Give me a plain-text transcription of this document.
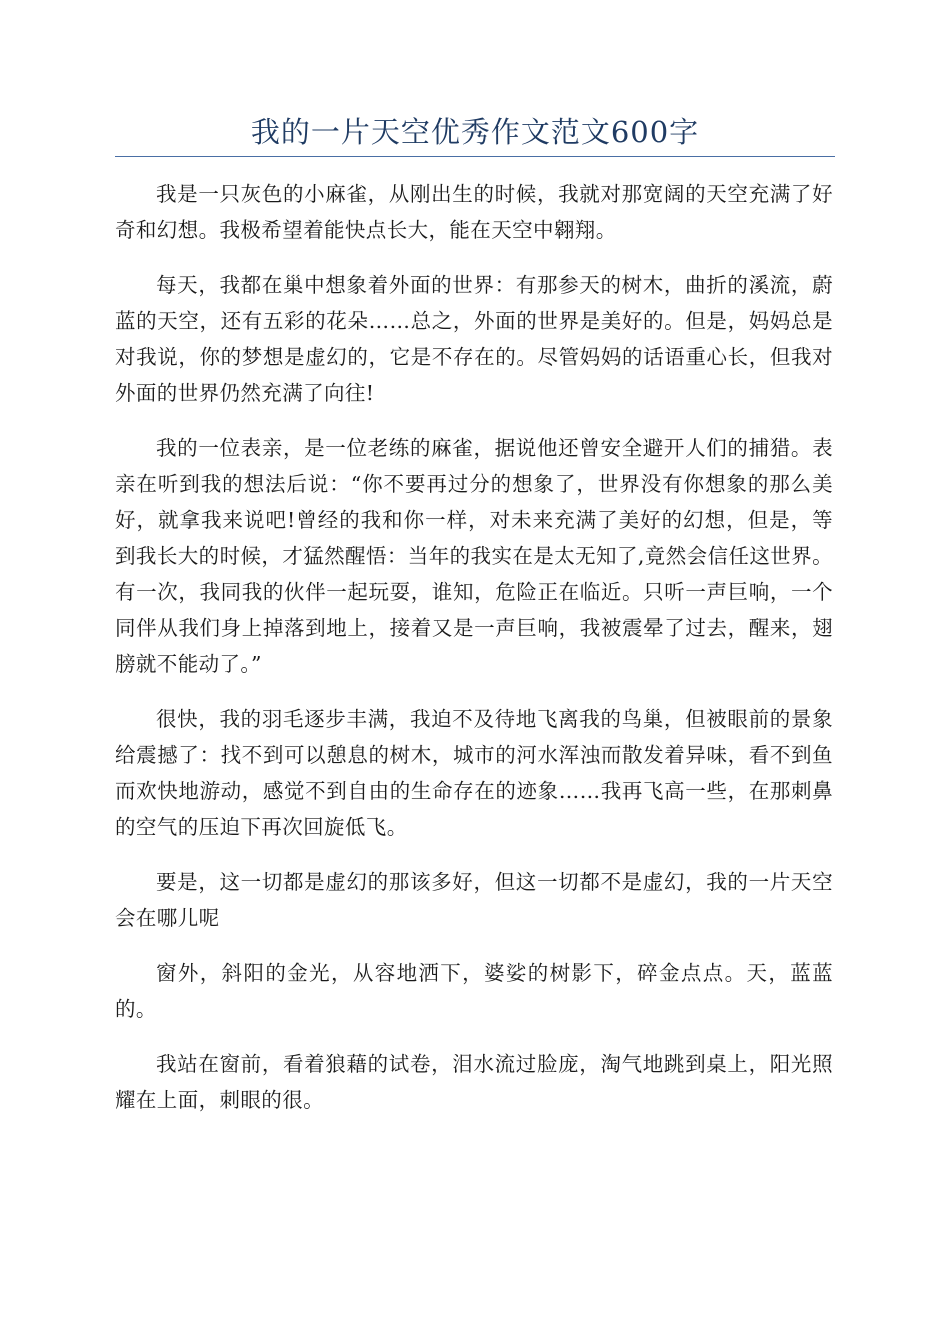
我的一片天空优秀作文范文600字

我是一只灰色的小麻雀，从刚出生的时候，我就对那宽阔的天空充满了好奇和幻想。我极希望着能快点长大，能在天空中翱翔。

每天，我都在巢中想象着外面的世界：有那参天的树木，曲折的溪流，蔚蓝的天空，还有五彩的花朵……总之，外面的世界是美好的。但是，妈妈总是对我说，你的梦想是虚幻的，它是不存在的。尽管妈妈的话语重心长，但我对外面的世界仍然充满了向往!

我的一位表亲，是一位老练的麻雀，据说他还曾安全避开人们的捕猎。表亲在听到我的想法后说：“你不要再过分的想象了，世界没有你想象的那么美好，就拿我来说吧!曾经的我和你一样，对未来充满了美好的幻想，但是，等到我长大的时候，才猛然醒悟：当年的我实在是太无知了,竟然会信任这世界。有一次，我同我的伙伴一起玩耍，谁知，危险正在临近。只听一声巨响，一个同伴从我们身上掉落到地上，接着又是一声巨响，我被震晕了过去，醒来，翅膀就不能动了。”

很快，我的羽毛逐步丰满，我迫不及待地飞离我的鸟巢，但被眼前的景象给震撼了：找不到可以憩息的树木，城市的河水浑浊而散发着异味，看不到鱼而欢快地游动，感觉不到自由的生命存在的迹象……我再飞高一些，在那刺鼻的空气的压迫下再次回旋低飞。

要是，这一切都是虚幻的那该多好，但这一切都不是虚幻，我的一片天空会在哪儿呢

窗外，斜阳的金光，从容地洒下，婆娑的树影下，碎金点点。天，蓝蓝的。

我站在窗前，看着狼藉的试卷，泪水流过脸庞，淘气地跳到桌上，阳光照耀在上面，刺眼的很。
